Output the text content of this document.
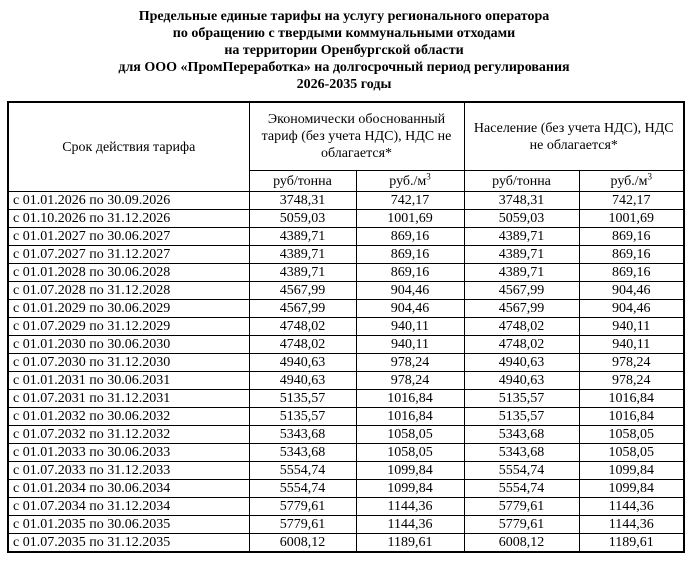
Предельные единые тарифы на услугу регионального оператора
по обращению с твердыми коммунальными отходами
на территории Оренбургской области
для ООО «ПромПереработка» на долгосрочный период регулирования
2026-2035 годы
Срок действия тарифа	Экономически обоснованный тариф (без учета НДС), НДС не облагается*		Население (без учета НДС), НДС не облагается*	
	руб/тонна	$руб./м^3$	руб/тонна	$руб./м^3$
с 01.01.2026 по 30.09.2026	3748,31	742,17	3748,31	742,17
с 01.10.2026 по 31.12.2026	5059,03	1001,69	5059,03	1001,69
с 01.01.2027 по 30.06.2027	4389,71	869,16	4389,71	869,16
с 01.07.2027 по 31.12.2027	4389,71	869,16	4389,71	869,16
с 01.01.2028 по 30.06.2028	4389,71	869,16	4389,71	869,16
с 01.07.2028 по 31.12.2028	4567,99	904,46	4567,99	904,46
с 01.01.2029 по 30.06.2029	4567,99	904,46	4567,99	904,46
с 01.07.2029 по 31.12.2029	4748,02	940,11	4748,02	940,11
с 01.01.2030 по 30.06.2030	4748,02	940,11	4748,02	940,11
с 01.07.2030 по 31.12.2030	4940,63	978,24	4940,63	978,24
с 01.01.2031 по 30.06.2031	4940,63	978,24	4940,63	978,24
с 01.07.2031 по 31.12.2031	5135,57	1016,84	5135,57	1016,84
с 01.01.2032 по 30.06.2032	5135,57	1016,84	5135,57	1016,84
с 01.07.2032 по 31.12.2032	5343,68	1058,05	5343,68	1058,05
с 01.01.2033 по 30.06.2033	5343,68	1058,05	5343,68	1058,05
с 01.07.2033 по 31.12.2033	5554,74	1099,84	5554,74	1099,84
с 01.01.2034 по 30.06.2034	5554,74	1099,84	5554,74	1099,84
с 01.07.2034 по 31.12.2034	5779,61	1144,36	5779,61	1144,36
с 01.01.2035 по 30.06.2035	5779,61	1144,36	5779,61	1144,36
с 01.07.2035 по 31.12.2035	6008,12	1189,61	6008,12	1189,61
